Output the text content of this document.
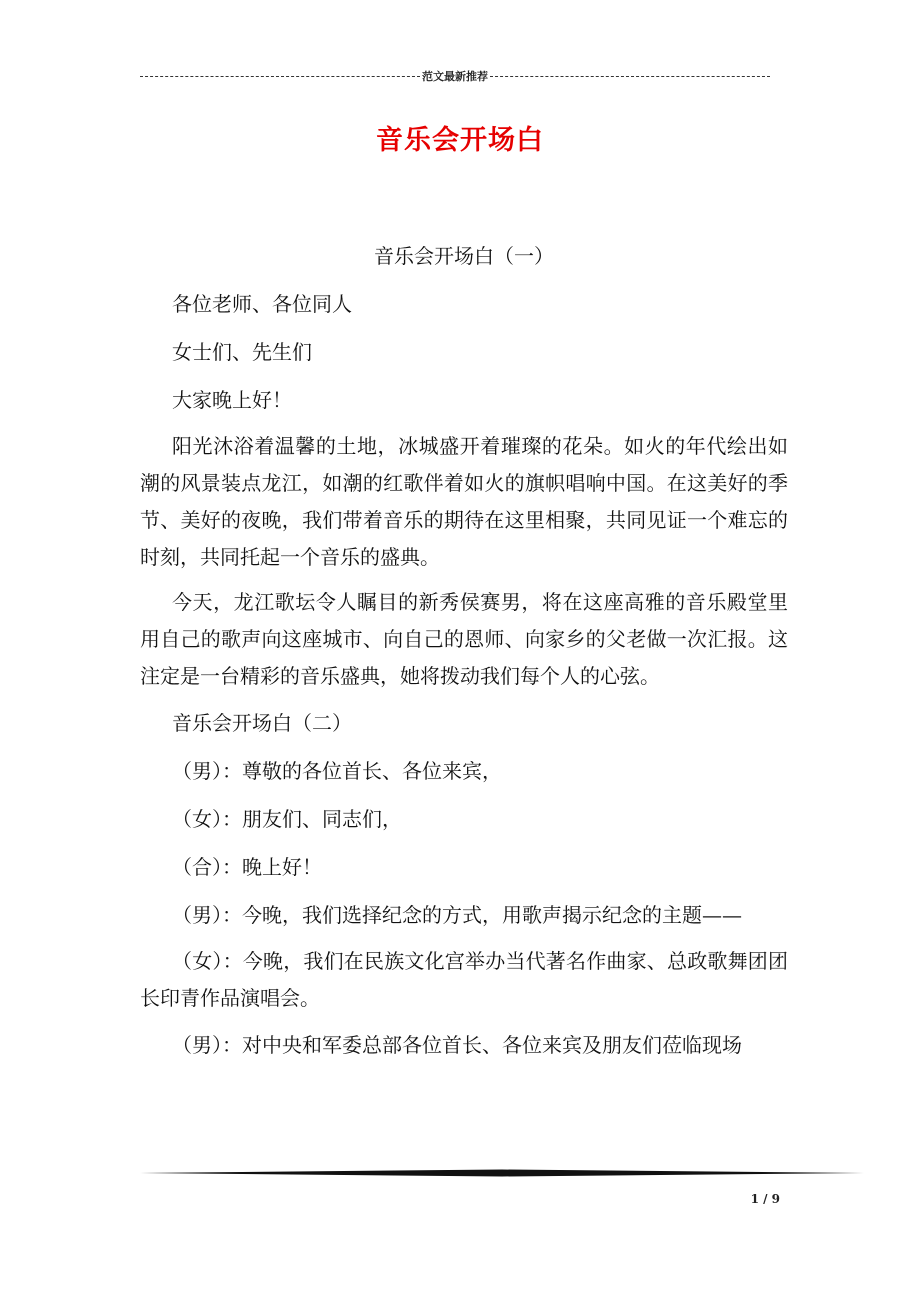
范文最新推荐
音乐会开场白

音乐会开场白（一）

各位老师、各位同人

女士们、先生们

大家晚上好！

阳光沐浴着温馨的土地，冰城盛开着璀璨的花朵。如火的年代绘出如潮的风景装点龙江，如潮的红歌伴着如火的旗帜唱响中国。在这美好的季节、美好的夜晚，我们带着音乐的期待在这里相聚，共同见证一个难忘的时刻，共同托起一个音乐的盛典。

今天，龙江歌坛令人瞩目的新秀侯赛男，将在这座高雅的音乐殿堂里用自己的歌声向这座城市、向自己的恩师、向家乡的父老做一次汇报。这注定是一台精彩的音乐盛典，她将拨动我们每个人的心弦。

音乐会开场白（二）

（男）：尊敬的各位首长、各位来宾，

（女）：朋友们、同志们，

（合）：晚上好！

（男）：今晚，我们选择纪念的方式，用歌声揭示纪念的主题——

（女）：今晚，我们在民族文化宫举办当代著名作曲家、总政歌舞团团长印青作品演唱会。

（男）：对中央和军委总部各位首长、各位来宾及朋友们莅临现场

1 / 9
